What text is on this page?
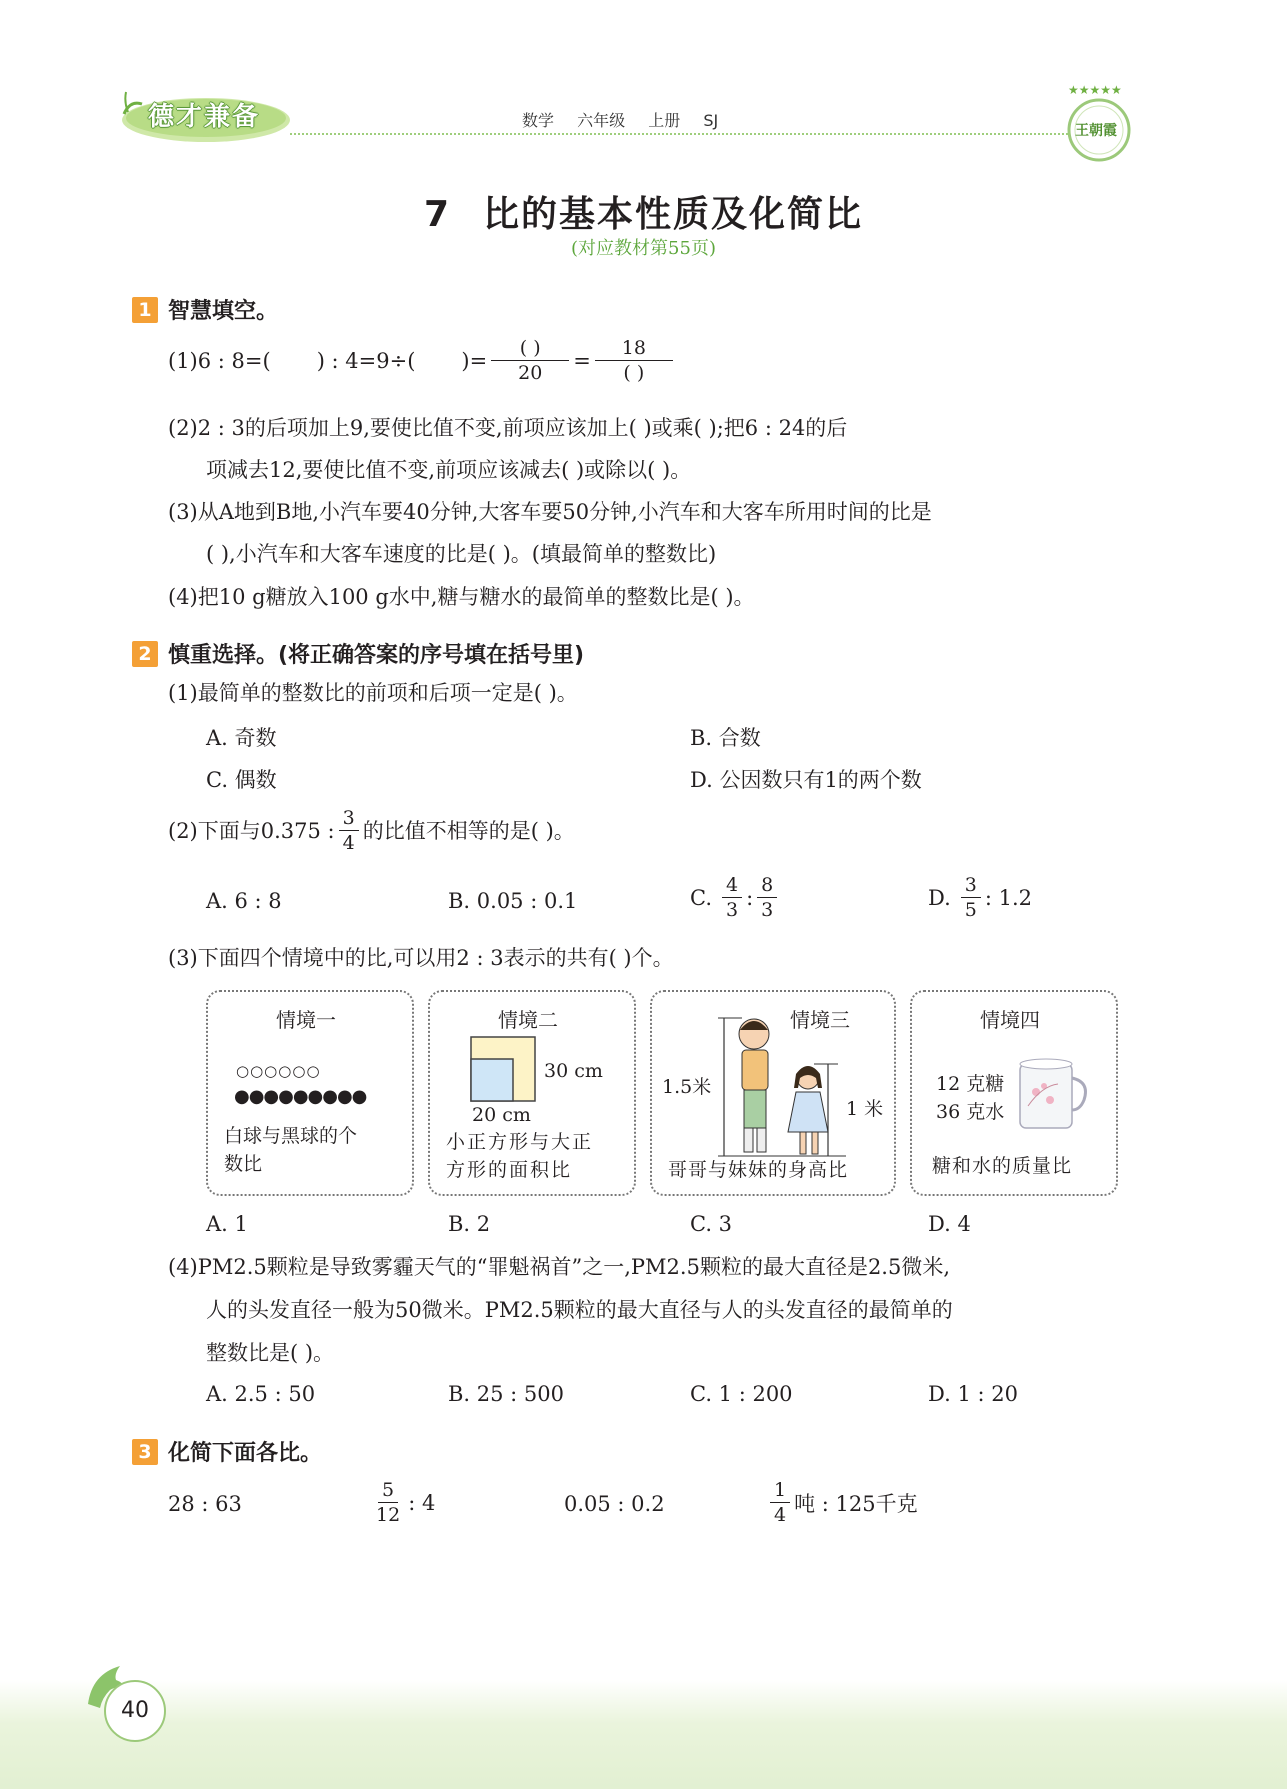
德才兼备	数学 六年级 上册 SJ
★★★★★
王朝霞
7 比的基本性质及化简比
(对应教材第55页)
1 智慧填空。
(1)6 : 8=( ) : 4=9÷( )= $\frac{( )}{20} = \frac{18}{( )}$
(2)2 : 3的后项加上9,要使比值不变,前项应该加上( )或乘( );把6 : 24的后
项减去12,要使比值不变,前项应该减去( )或除以( )。
(3)从A地到B地,小汽车要40分钟,大客车要50分钟,小汽车和大客车所用时间的比是
( ),小汽车和大客车速度的比是( )。(填最简单的整数比)
(4)把10 g糖放入100 g水中,糖与糖水的最简单的整数比是( )。
2 慎重选择。(将正确答案的序号填在括号里)
(1)最简单的整数比的前项和后项一定是( )。
A. 奇数	B. 合数
C. 偶数	D. 公因数只有1的两个数
(2)下面与0.375 : $\frac{3}{4}$ 的比值不相等的是( )。
A. 6 : 8	B. 0.05 : 0.1	C. $\frac{4}{3}$ : $\frac{8}{3}$	D. $\frac{3}{5}$ : 1.2
(3)下面四个情境中的比,可以用2 : 3表示的共有( )个。
情境一
○○○○○○
●●●●●●●●●
白球与黑球的个
数比
情境二
30 cm
20 cm
小正方形与大正
方形的面积比
情境三
1.5米
1 米
哥哥与妹妹的身高比
情境四
12 克糖
36 克水
糖和水的质量比
A. 1	B. 2	C. 3	D. 4
(4)PM2.5颗粒是导致雾霾天气的“罪魁祸首”之一,PM2.5颗粒的最大直径是2.5微米,
人的头发直径一般为50微米。PM2.5颗粒的最大直径与人的头发直径的最简单的
整数比是( )。
A. 2.5 : 50	B. 25 : 500	C. 1 : 200	D. 1 : 20
3 化简下面各比。
28 : 63	$\frac{5}{12}$ : 4	0.05 : 0.2	$\frac{1}{4}$ 吨 : 125千克
40
